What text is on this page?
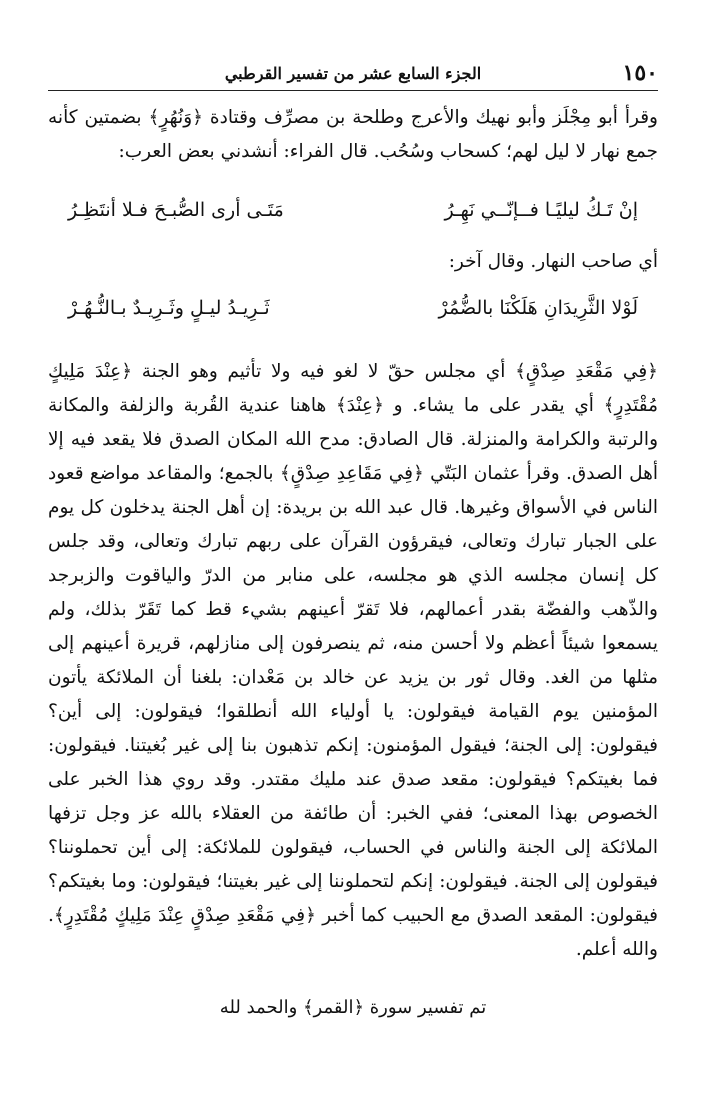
١٥٠
الجزء السابع عشر من تفسير القرطبي

وقرأ أبو مِجْلَز وأبو نهيك والأعرج وطلحة بن مصرِّف وقتادة ﴿وَنُهُرٍ﴾ بضمتين كأنه جمع نهار لا ليل لهم؛ كسحاب وسُحُب. قال الفراء: أنشدني بعض العرب:

إنْ تَـكُ ليليًـا فــإنّــي نَهِـرُ
مَتَـى أرى الصُّبـحَ فـلا أنتَظِـرُ

أي صاحب النهار. وقال آخر:

لَوْلا الثَّرِيدَانِ هَلَكْنَا بالضُّمُرْ
ثَـرِيـدُ ليـلٍ وثَـرِيـدٌ بـالنُّـهُـرْ

﴿فِي مَقْعَدِ صِدْقٍ﴾ أي مجلس حقّ لا لغو فيه ولا تأثيم وهو الجنة ﴿عِنْدَ مَلِيكٍ مُقْتَدِرٍ﴾ أي يقدر على ما يشاء. و ﴿عِنْدَ﴾ هاهنا عندية القُربة والزلفة والمكانة والرتبة والكرامة والمنزلة. قال الصادق: مدح الله المكان الصدق فلا يقعد فيه إلا أهل الصدق. وقرأ عثمان البَتّي ﴿فِي مَقَاعِدِ صِدْقٍ﴾ بالجمع؛ والمقاعد مواضع قعود الناس في الأسواق وغيرها. قال عبد الله بن بريدة: إن أهل الجنة يدخلون كل يوم على الجبار تبارك وتعالى، فيقرؤون القرآن على ربهم تبارك وتعالى، وقد جلس كل إنسان مجلسه الذي هو مجلسه، على منابر من الدرّ والياقوت والزبرجد والذّهب والفضّة بقدر أعمالهم، فلا تَقرّ أعينهم بشيء قط كما تَقَرّ بذلك، ولم يسمعوا شيئاً أعظم ولا أحسن منه، ثم ينصرفون إلى منازلهم، قريرة أعينهم إلى مثلها من الغد. وقال ثور بن يزيد عن خالد بن مَعْدان: بلغنا أن الملائكة يأتون المؤمنين يوم القيامة فيقولون: يا أولياء الله أنطلقوا؛ فيقولون: إلى أين؟ فيقولون: إلى الجنة؛ فيقول المؤمنون: إنكم تذهبون بنا إلى غير بُغيتنا. فيقولون: فما بغيتكم؟ فيقولون: مقعد صدق عند مليك مقتدر. وقد روي هذا الخبر على الخصوص بهذا المعنى؛ ففي الخبر: أن طائفة من العقلاء بالله عز وجل تزفها الملائكة إلى الجنة والناس في الحساب، فيقولون للملائكة: إلى أين تحملوننا؟ فيقولون إلى الجنة. فيقولون: إنكم لتحملوننا إلى غير بغيتنا؛ فيقولون: وما بغيتكم؟ فيقولون: المقعد الصدق مع الحبيب كما أخبر ﴿فِي مَقْعَدِ صِدْقٍ عِنْدَ مَلِيكٍ مُقْتَدِرٍ﴾. والله أعلم.

تم تفسير سورة ﴿القمر﴾ والحمد لله
